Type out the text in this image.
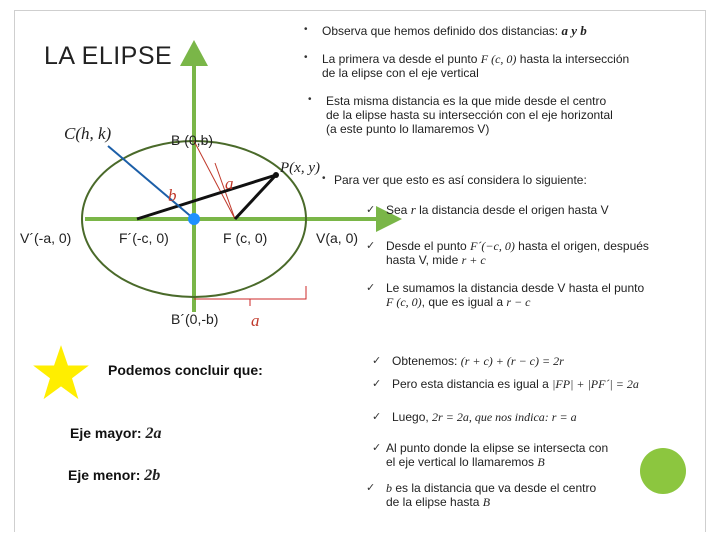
LA ELIPSE
C(h, k)	B (0,b)
V´(-a, 0)	F´(-c, 0)	F (c, 0)	V(a, 0)
B´(0,-b)
P(x, y)
a
b
a
• Observa que hemos definido dos distancias: a y b
• La primera va desde el punto F (c, 0) hasta la intersección
de la elipse con el eje vertical
• Esta misma distancia es la que mide desde el centro
de la elipse hasta su intersección con el eje horizontal
(a este punto lo llamaremos V)
• Para ver que esto es así considera lo siguiente:
✓ Sea r la distancia desde el origen hasta V
✓ Desde el punto F´(−c, 0) hasta el origen, después
hasta V, mide r + c
✓ Le sumamos la distancia desde V hasta el punto
F (c, 0), que es igual a r − c
✓ Obtenemos: (r + c) + (r − c) = 2r
✓ Pero esta distancia es igual a |FP| + |PF´| = 2a
✓ Luego, 2r = 2a, que nos indica: r = a
✓ Al punto donde la elipse se intersecta con
el eje vertical lo llamaremos B
✓ b es la distancia que va desde el centro
de la elipse hasta B
Podemos concluir que:
Eje mayor: 2a
Eje menor: 2b
